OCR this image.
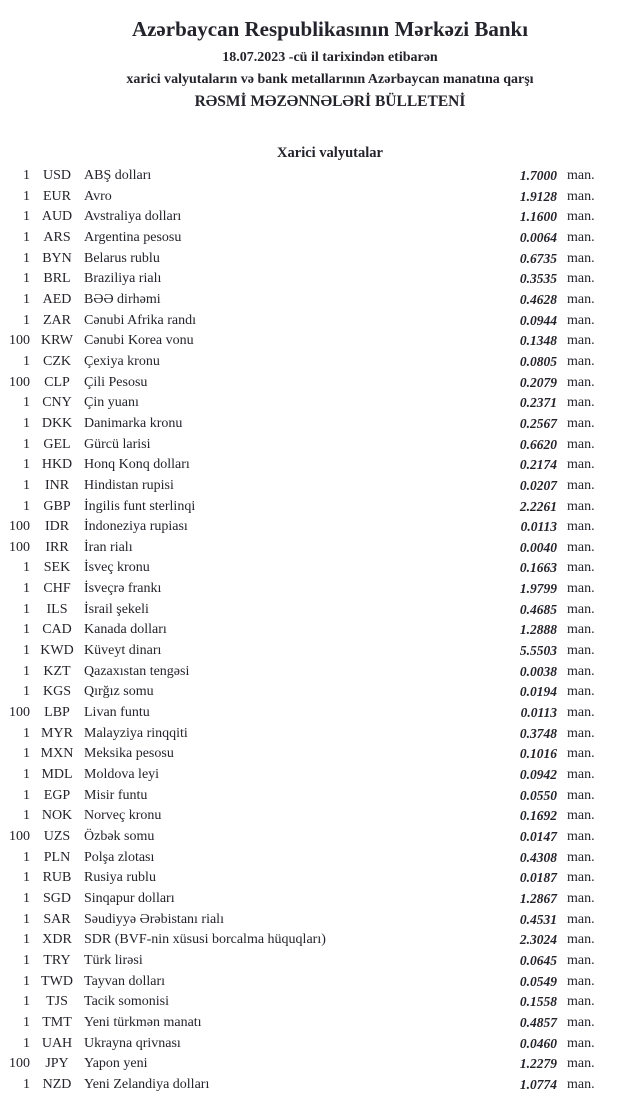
Azərbaycan Respublikasının Mərkəzi Bankı
18.07.2023 -cü il tarixindən etibarən
xarici valyutaların və bank metallarının Azərbaycan manatına qarşı
RƏSMİ MƏZƏNNƏLƏRİ BÜLLETENİ
Xarici valyutalar
1 USD ABŞ dolları	1.7000 man.
1 EUR Avro	1.9128 man.
1 AUD Avstraliya dolları	1.1600 man.
1 ARS Argentina pesosu	0.0064 man.
1 BYN Belarus rublu	0.6735 man.
1 BRL Braziliya rialı	0.3535 man.
1 AED BƏƏ dirhəmi	0.4628 man.
1 ZAR Cənubi Afrika randı	0.0944 man.
100 KRW Cənubi Korea vonu	0.1348 man.
1 CZK Çexiya kronu	0.0805 man.
100	CLP	Çili Pesosu	0.2079 man.
1 CNY Çin yuanı	0.2371 man.
1 DKK Danimarka kronu	0.2567 man.
1 GEL Gürcü larisi	0.6620 man.
1 HKD Honq Konq dolları	0.2174 man.
1	INR	Hindistan rupisi	0.0207 man.
1 GBP İngilis funt sterlinqi	2.2261 man.
100	IDR	İndoneziya rupiası	0.0113 man.
100	IRR	İran rialı	0.0040 man.
1 SEK İsveç kronu	0.1663 man.
1 CHF İsveçrə frankı	1.9799 man.
1	ILS	İsrail şekeli	0.4685 man.
1 CAD Kanada dolları	1.2888 man.
1 KWD Küveyt dinarı	5.5503 man.
1 KZT Qazaxıstan tengəsi	0.0038 man.
1 KGS Qırğız somu	0.0194 man.
100	LBP	Livan funtu	0.0113 man.
1 MYR Malayziya rinqqiti	0.3748 man.
1 MXN Meksika pesosu	0.1016 man.
1 MDL Moldova leyi	0.0942 man.
1 EGP Misir funtu	0.0550 man.
1 NOK Norveç kronu	0.1692 man.
100 UZS Özbək somu	0.0147 man.
1 PLN Polşa zlotası	0.4308 man.
1 RUB Rusiya rublu	0.0187 man.
1 SGD Sinqapur dolları	1.2867 man.
1 SAR Səudiyyə Ərəbistanı rialı	0.4531 man.
1 XDR SDR (BVF-nin xüsusi borcalma hüquqları)	2.3024 man.
1 TRY Türk lirəsi	0.0645 man.
1 TWD Tayvan dolları	0.0549 man.
1	TJS	Tacik somonisi	0.1558 man.
1 TMT Yeni türkmən manatı	0.4857 man.
1 UAH Ukrayna qrivnası	0.0460 man.
100	JPY	Yapon yeni	1.2279 man.
1 NZD Yeni Zelandiya dolları	1.0774 man.
